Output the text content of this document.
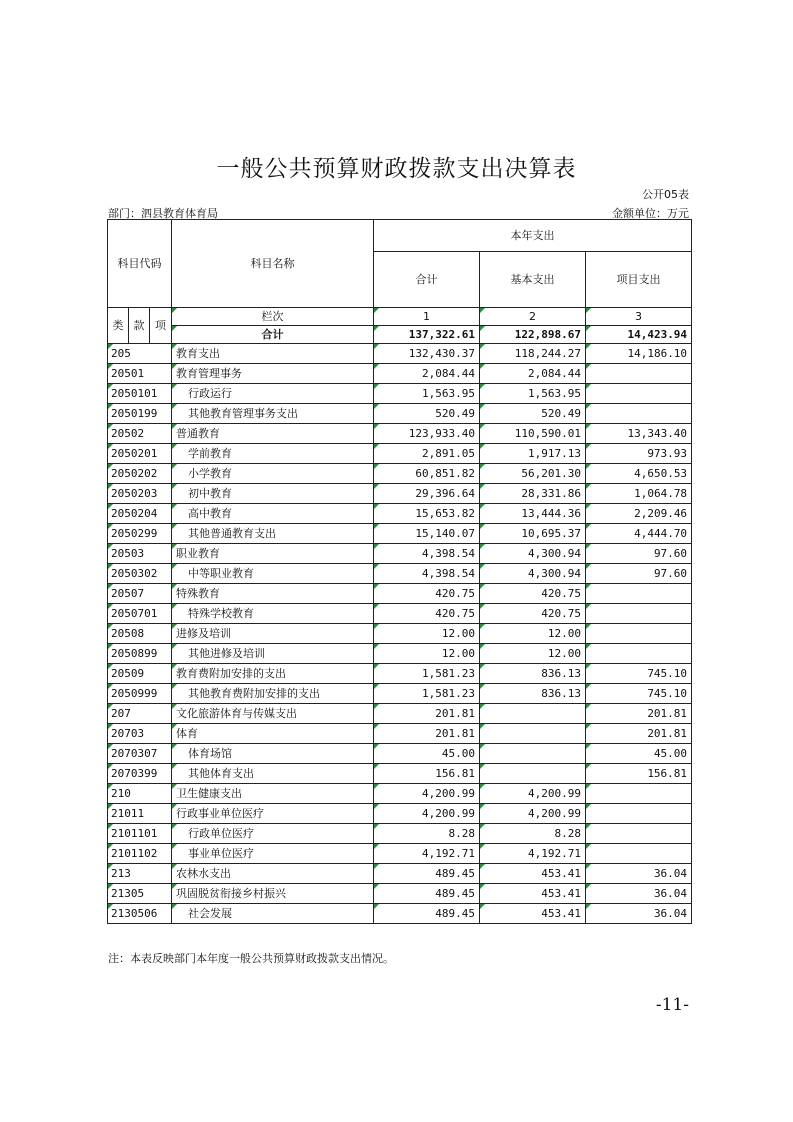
一般公共预算财政拨款支出决算表
公开05表
部门：泗县教育体育局	金额单位：万元
科目代码			科目名称	本年支出		
				合计	基本支出	项目支出

类	款	项	栏次	1	2	3
			合计	137,322.61	122,898.67	14,423.94
205			教育支出	132,430.37	118,244.27	14,186.10
20501			教育管理事务	2,084.44	2,084.44	
2050101			行政运行	1,563.95	1,563.95	
2050199			其他教育管理事务支出	520.49	520.49	
20502			普通教育	123,933.40	110,590.01	13,343.40
2050201			学前教育	2,891.05	1,917.13	973.93
2050202			小学教育	60,851.82	56,201.30	4,650.53
2050203			初中教育	29,396.64	28,331.86	1,064.78
2050204			高中教育	15,653.82	13,444.36	2,209.46
2050299			其他普通教育支出	15,140.07	10,695.37	4,444.70
20503			职业教育	4,398.54	4,300.94	97.60
2050302			中等职业教育	4,398.54	4,300.94	97.60
20507			特殊教育	420.75	420.75	
2050701			特殊学校教育	420.75	420.75	
20508			进修及培训	12.00	12.00	
2050899			其他进修及培训	12.00	12.00	
20509			教育费附加安排的支出	1,581.23	836.13	745.10
2050999			其他教育费附加安排的支出	1,581.23	836.13	745.10
207			文化旅游体育与传媒支出	201.81		201.81
20703			体育	201.81		201.81
2070307			体育场馆	45.00		45.00
2070399			其他体育支出	156.81		156.81
210			卫生健康支出	4,200.99	4,200.99	
21011			行政事业单位医疗	4,200.99	4,200.99	
2101101			行政单位医疗	8.28	8.28	
2101102			事业单位医疗	4,192.71	4,192.71	
213			农林水支出	489.45	453.41	36.04
21305			巩固脱贫衔接乡村振兴	489.45	453.41	36.04
2130506			社会发展	489.45	453.41	36.04
注：本表反映部门本年度一般公共预算财政拨款支出情况。
-11-
